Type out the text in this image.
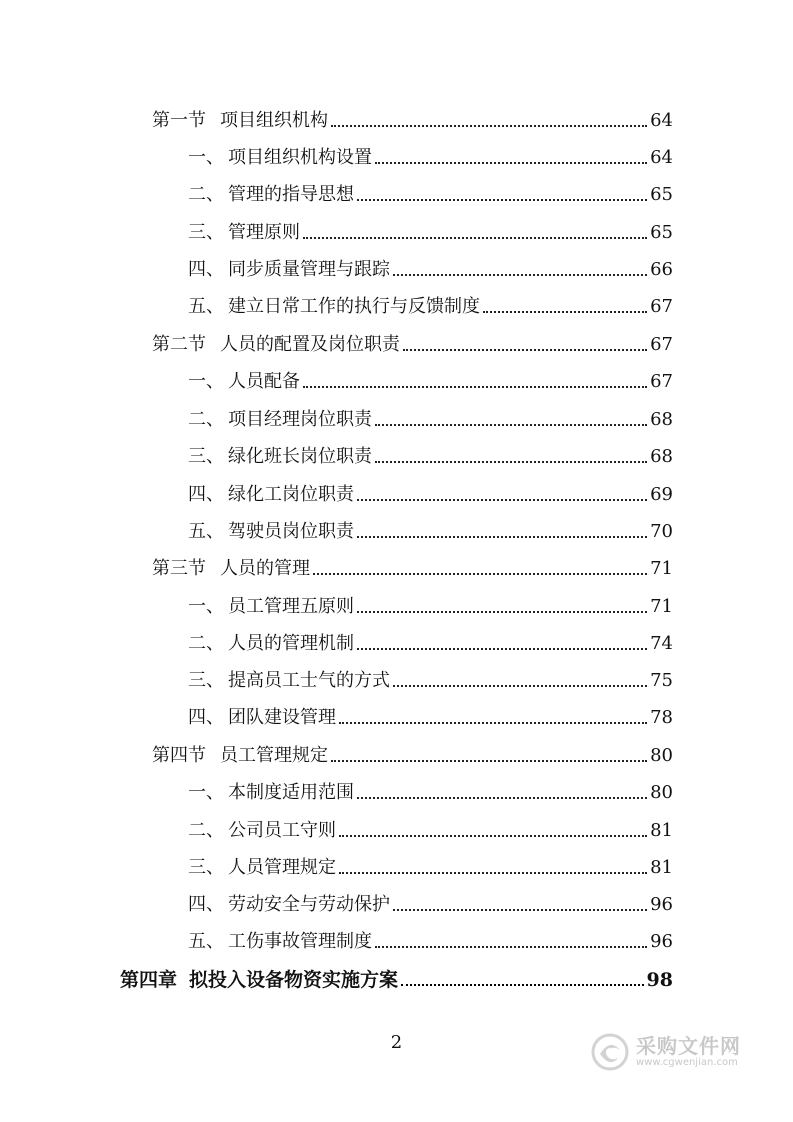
第一节 项目组织机构	64
一、 项目组织机构设置	64
二、 管理的指导思想	65
三、 管理原则	65
四、 同步质量管理与跟踪	66
五、 建立日常工作的执行与反馈制度	67
第二节 人员的配置及岗位职责	67
一、 人员配备	67
二、 项目经理岗位职责	68
三、 绿化班长岗位职责	68
四、 绿化工岗位职责	69
五、 驾驶员岗位职责	70
第三节 人员的管理	71
一、 员工管理五原则	71
二、 人员的管理机制	74
三、 提高员工士气的方式	75
四、 团队建设管理	78
第四节 员工管理规定	80
一、 本制度适用范围	80
二、 公司员工守则	81
三、 人员管理规定	81
四、 劳动安全与劳动保护	96
五、 工伤事故管理制度	96
第四章 拟投入设备物资实施方案	98
2	采购文件网
www.cgwenjian.com
